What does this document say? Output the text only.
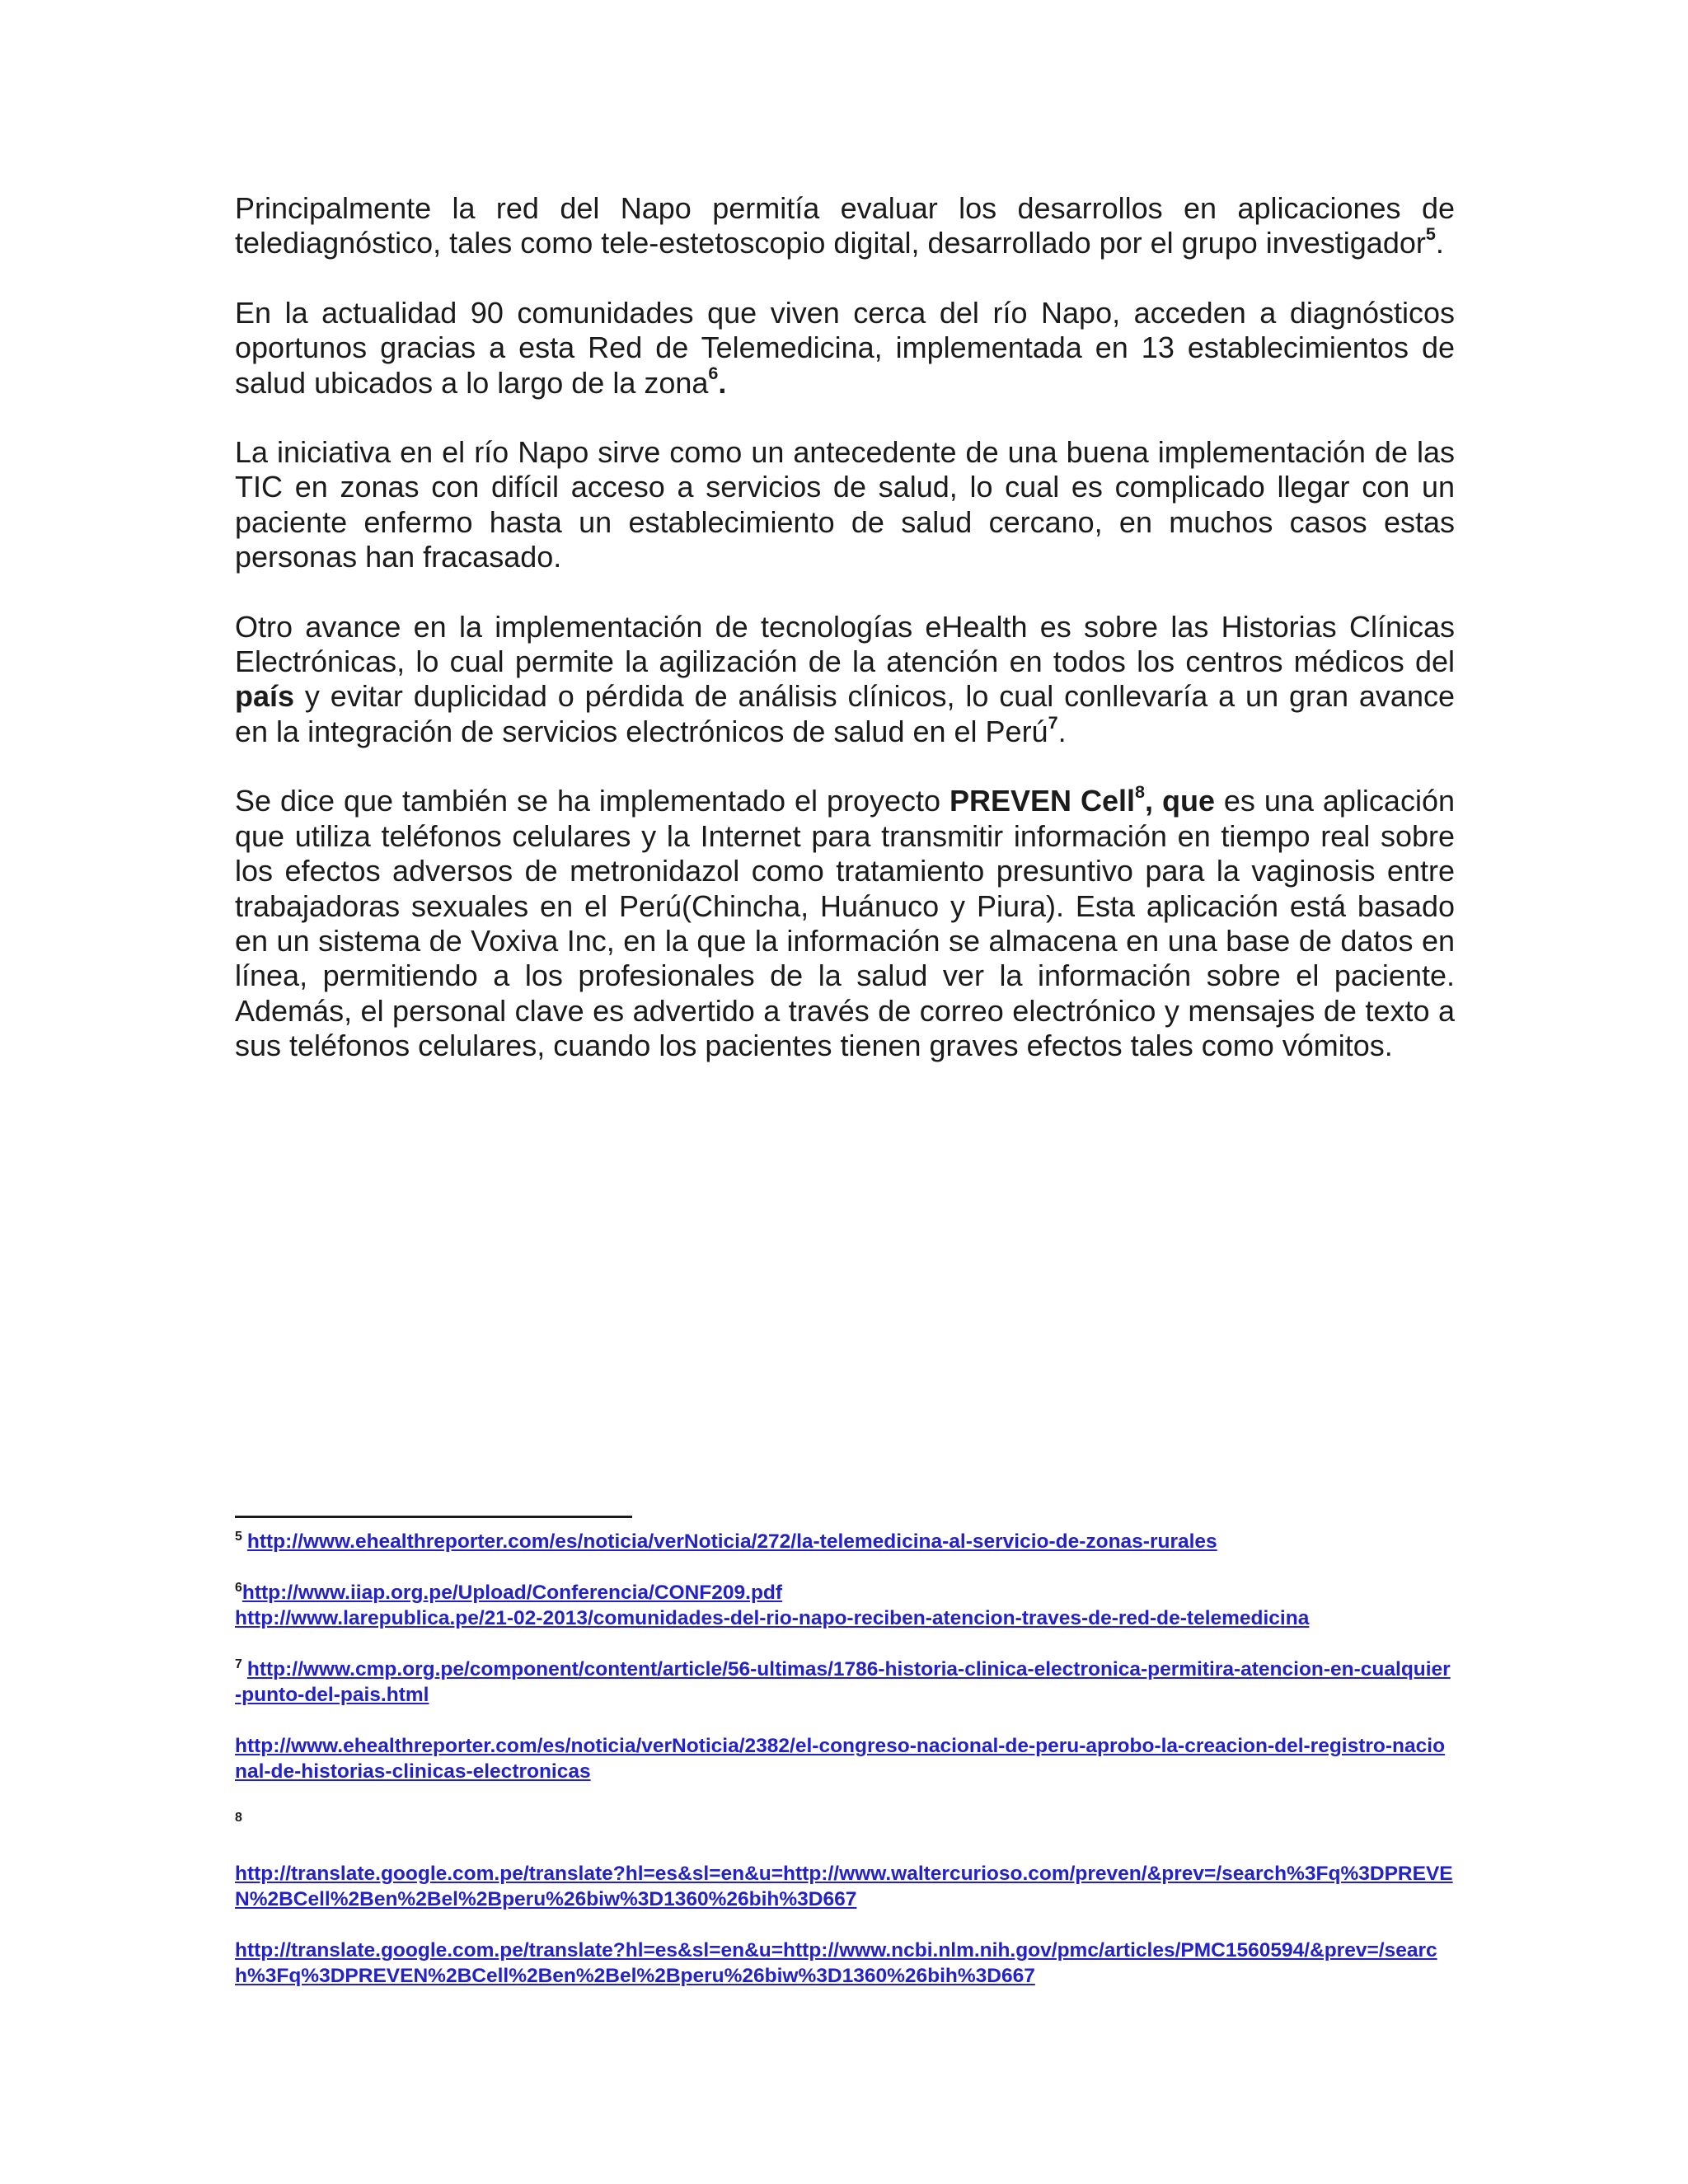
Principalmente la red del Napo permitía evaluar los desarrollos en aplicaciones de telediagnóstico, tales como tele-estetoscopio digital, desarrollado por el grupo investigador$^5$.

En la actualidad 90 comunidades que viven cerca del río Napo, acceden a diagnósticos oportunos gracias a esta Red de Telemedicina, implementada en 13 establecimientos de salud ubicados a lo largo de la zona$^6$.

La iniciativa en el río Napo sirve como un antecedente de una buena implementación de las TIC en zonas con difícil acceso a servicios de salud, lo cual es complicado llegar con un paciente enfermo hasta un establecimiento de salud cercano, en muchos casos estas personas han fracasado.

Otro avance en la implementación de tecnologías eHealth es sobre las Historias Clínicas Electrónicas, lo cual permite la agilización de la atención en todos los centros médicos del país y evitar duplicidad o pérdida de análisis clínicos, lo cual conllevaría a un gran avance en la integración de servicios electrónicos de salud en el Perú$^7$.

Se dice que también se ha implementado el proyecto PREVEN Cell$^8$, que es una aplicación que utiliza teléfonos celulares y la Internet para transmitir información en tiempo real sobre los efectos adversos de metronidazol como tratamiento presuntivo para la vaginosis entre trabajadoras sexuales en el Perú(Chincha, Huánuco y Piura). Esta aplicación está basado en un sistema de Voxiva Inc, en la que la información se almacena en una base de datos en línea, permitiendo a los profesionales de la salud ver la información sobre el paciente. Además, el personal clave es advertido a través de correo electrónico y mensajes de texto a sus teléfonos celulares, cuando los pacientes tienen graves efectos tales como vómitos.

$^5$ http://www.ehealthreporter.com/es/noticia/verNoticia/272/la-telemedicina-al-servicio-de-zonas-rurales

$^6$http://www.iiap.org.pe/Upload/Conferencia/CONF209.pdf

http://www.larepublica.pe/21-02-2013/comunidades-del-rio-napo-reciben-atencion-traves-de-red-de-telemedicina

$^7$ http://www.cmp.org.pe/component/content/article/56-ultimas/1786-historia-clinica-electronica-permitira-atencion-en-cualquier-punto-del-pais.html

http://www.ehealthreporter.com/es/noticia/verNoticia/2382/el-congreso-nacional-de-peru-aprobo-la-creacion-del-registro-nacional-de-historias-clinicas-electronicas

$^8$

http://translate.google.com.pe/translate?hl=es&sl=en&u=http://www.waltercurioso.com/preven/&prev=/search%3Fq%3DPREVEN%2BCell%2Ben%2Bel%2Bperu%26biw%3D1360%26bih%3D667

http://translate.google.com.pe/translate?hl=es&sl=en&u=http://www.ncbi.nlm.nih.gov/pmc/articles/PMC1560594/&prev=/search%3Fq%3DPREVEN%2BCell%2Ben%2Bel%2Bperu%26biw%3D1360%26bih%3D667
